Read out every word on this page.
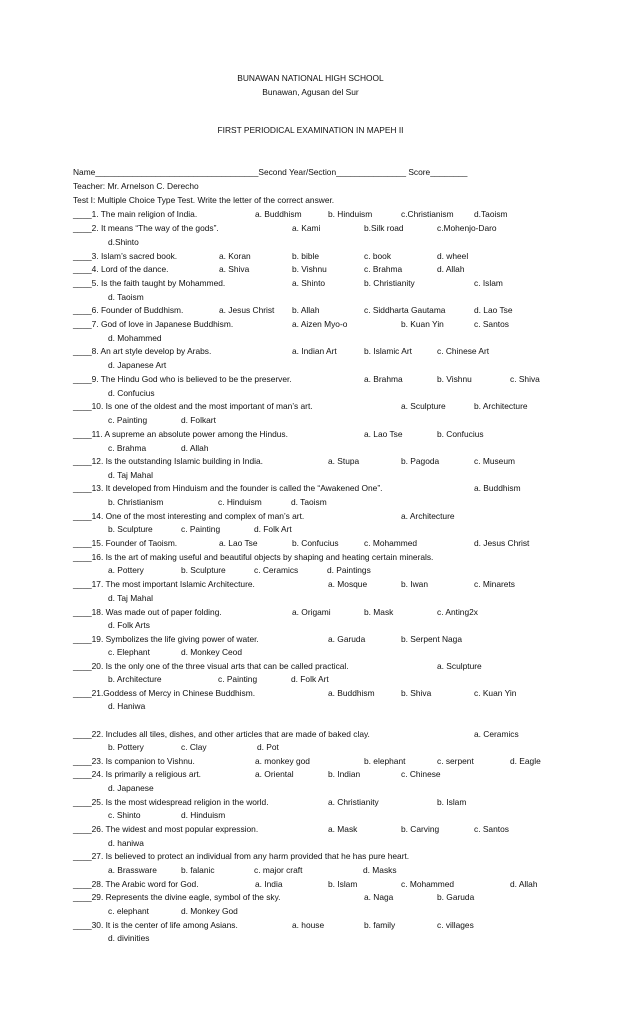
BUNAWAN NATIONAL HIGH SCHOOL
Bunawan, Agusan del Sur
FIRST PERIODICAL EXAMINATION IN MAPEH II
Name___________________________________Second Year/Section_______________ Score________
Teacher: Mr. Arnelson C. Derecho
Test I: Multiple Choice Type Test. Write the letter of the correct answer.
____1. The main religion of India.	a. Buddhism	b. Hinduism	c.Christianism d.Taoism
____2. It means “The way of the gods”.	a. Kami	b.Silk road	c.Mohenjo-Daro
d.Shinto
____3. Islam’s sacred book.	a. Koran	b. bible	c. book	d. wheel
____4. Lord of the dance.	a. Shiva	b. Vishnu	c. Brahma	d. Allah
____5. Is the faith taught by Mohammed.	a. Shinto	b. Christianity	c. Islam
d. Taoism
____6. Founder of Buddhism.	a. Jesus Christ b. Allah	c. Siddharta Gautama	d. Lao Tse
____7. God of love in Japanese Buddhism.	a. Aizen Myo-o	b. Kuan Yin	c. Santos
d. Mohammed
____8. An art style develop by Arabs.	a. Indian Art	b. Islamic Art	c. Chinese Art
d. Japanese Art
____9. The Hindu God who is believed to be the preserver.	a. Brahma	b. Vishnu	c. Shiva
d. Confucius
____10. Is one of the oldest and the most important of man’s art.	a. Sculpture	b. Architecture
c. Painting	d. Folkart
____11. A supreme an absolute power among the Hindus.	a. Lao Tse	b. Confucius
c. Brahma	d. Allah
____12. Is the outstanding Islamic building in India.	a. Stupa	b. Pagoda	c. Museum
d. Taj Mahal
____13. It developed from Hinduism and the founder is called the “Awakened One”.	a. Buddhism
b. Christianism	c. Hinduism	d. Taoism
____14. One of the most interesting and complex of man’s art.	a. Architecture
b. Sculpture	c. Painting	d. Folk Art
____15. Founder of Taoism.	a. Lao Tse	b. Confucius	c. Mohammed	d. Jesus Christ
____16. Is the art of making useful and beautiful objects by shaping and heating certain minerals.
a. Pottery	b. Sculpture	c. Ceramics	d. Paintings
____17. The most important Islamic Architecture.	a. Mosque	b. Iwan	c. Minarets
d. Taj Mahal
____18. Was made out of paper folding.	a. Origami	b. Mask	c. Anting2x
d. Folk Arts
____19. Symbolizes the life giving power of water.	a. Garuda	b. Serpent Naga
c. Elephant	d. Monkey Ceod
____20. Is the only one of the three visual arts that can be called practical.	a. Sculpture
b. Architecture	c. Painting	d. Folk Art
____21.Goddess of Mercy in Chinese Buddhism.	a. Buddhism	b. Shiva	c. Kuan Yin
d. Haniwa
____22. Includes all tiles, dishes, and other articles that are made of baked clay.	a. Ceramics
b. Pottery	c. Clay	d. Pot
____23. Is companion to Vishnu.	a. monkey god	b. elephant	c. serpent	d. Eagle
____24. Is primarily a religious art.	a. Oriental	b. Indian	c. Chinese
d. Japanese
____25. Is the most widespread religion in the world.	a. Christianity	b. Islam
c. Shinto	d. Hinduism
____26. The widest and most popular expression.	a. Mask	b. Carving	c. Santos
d. haniwa
____27. Is believed to protect an individual from any harm provided that he has pure heart.
a. Brassware	b. falanic	c. major craft	d. Masks
____28. The Arabic word for God.	a. India	b. Islam	c. Mohammed	d. Allah
____29. Represents the divine eagle, symbol of the sky.	a. Naga	b. Garuda
c. elephant	d. Monkey God
____30. It is the center of life among Asians.	a. house	b. family	c. villages
d. divinities
